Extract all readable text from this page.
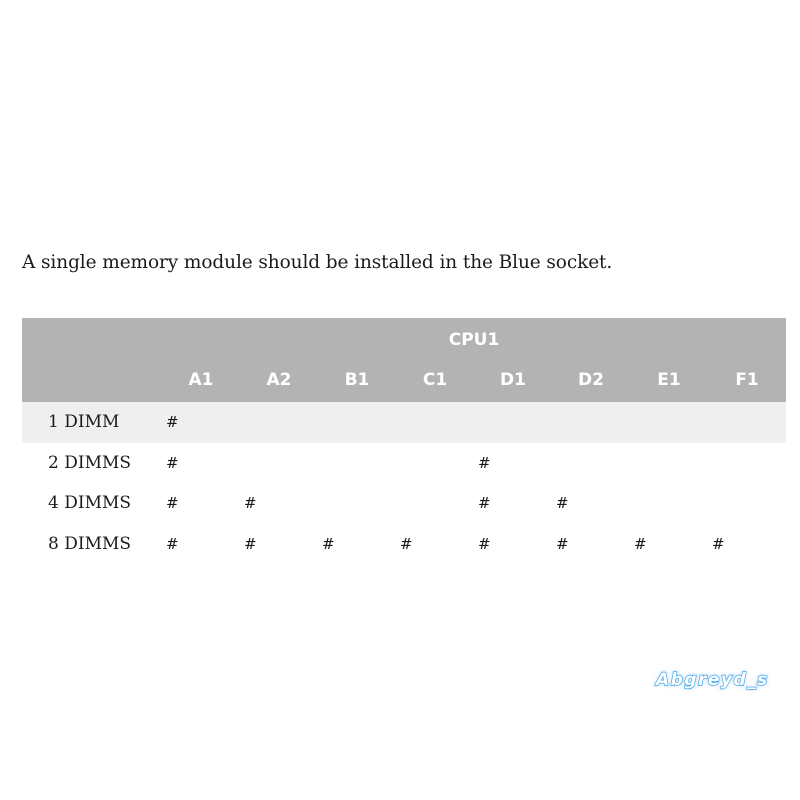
A single memory module should be installed in the Blue socket.

	CPU1							
	A1	A2	B1	C1	D1	D2	E1	F1
1 DIMM	#							
2 DIMMS	#				#			
4 DIMMS	#	#			#	#		
8 DIMMS	#	#	#	#	#	#	#	#
Abgreyd_s
